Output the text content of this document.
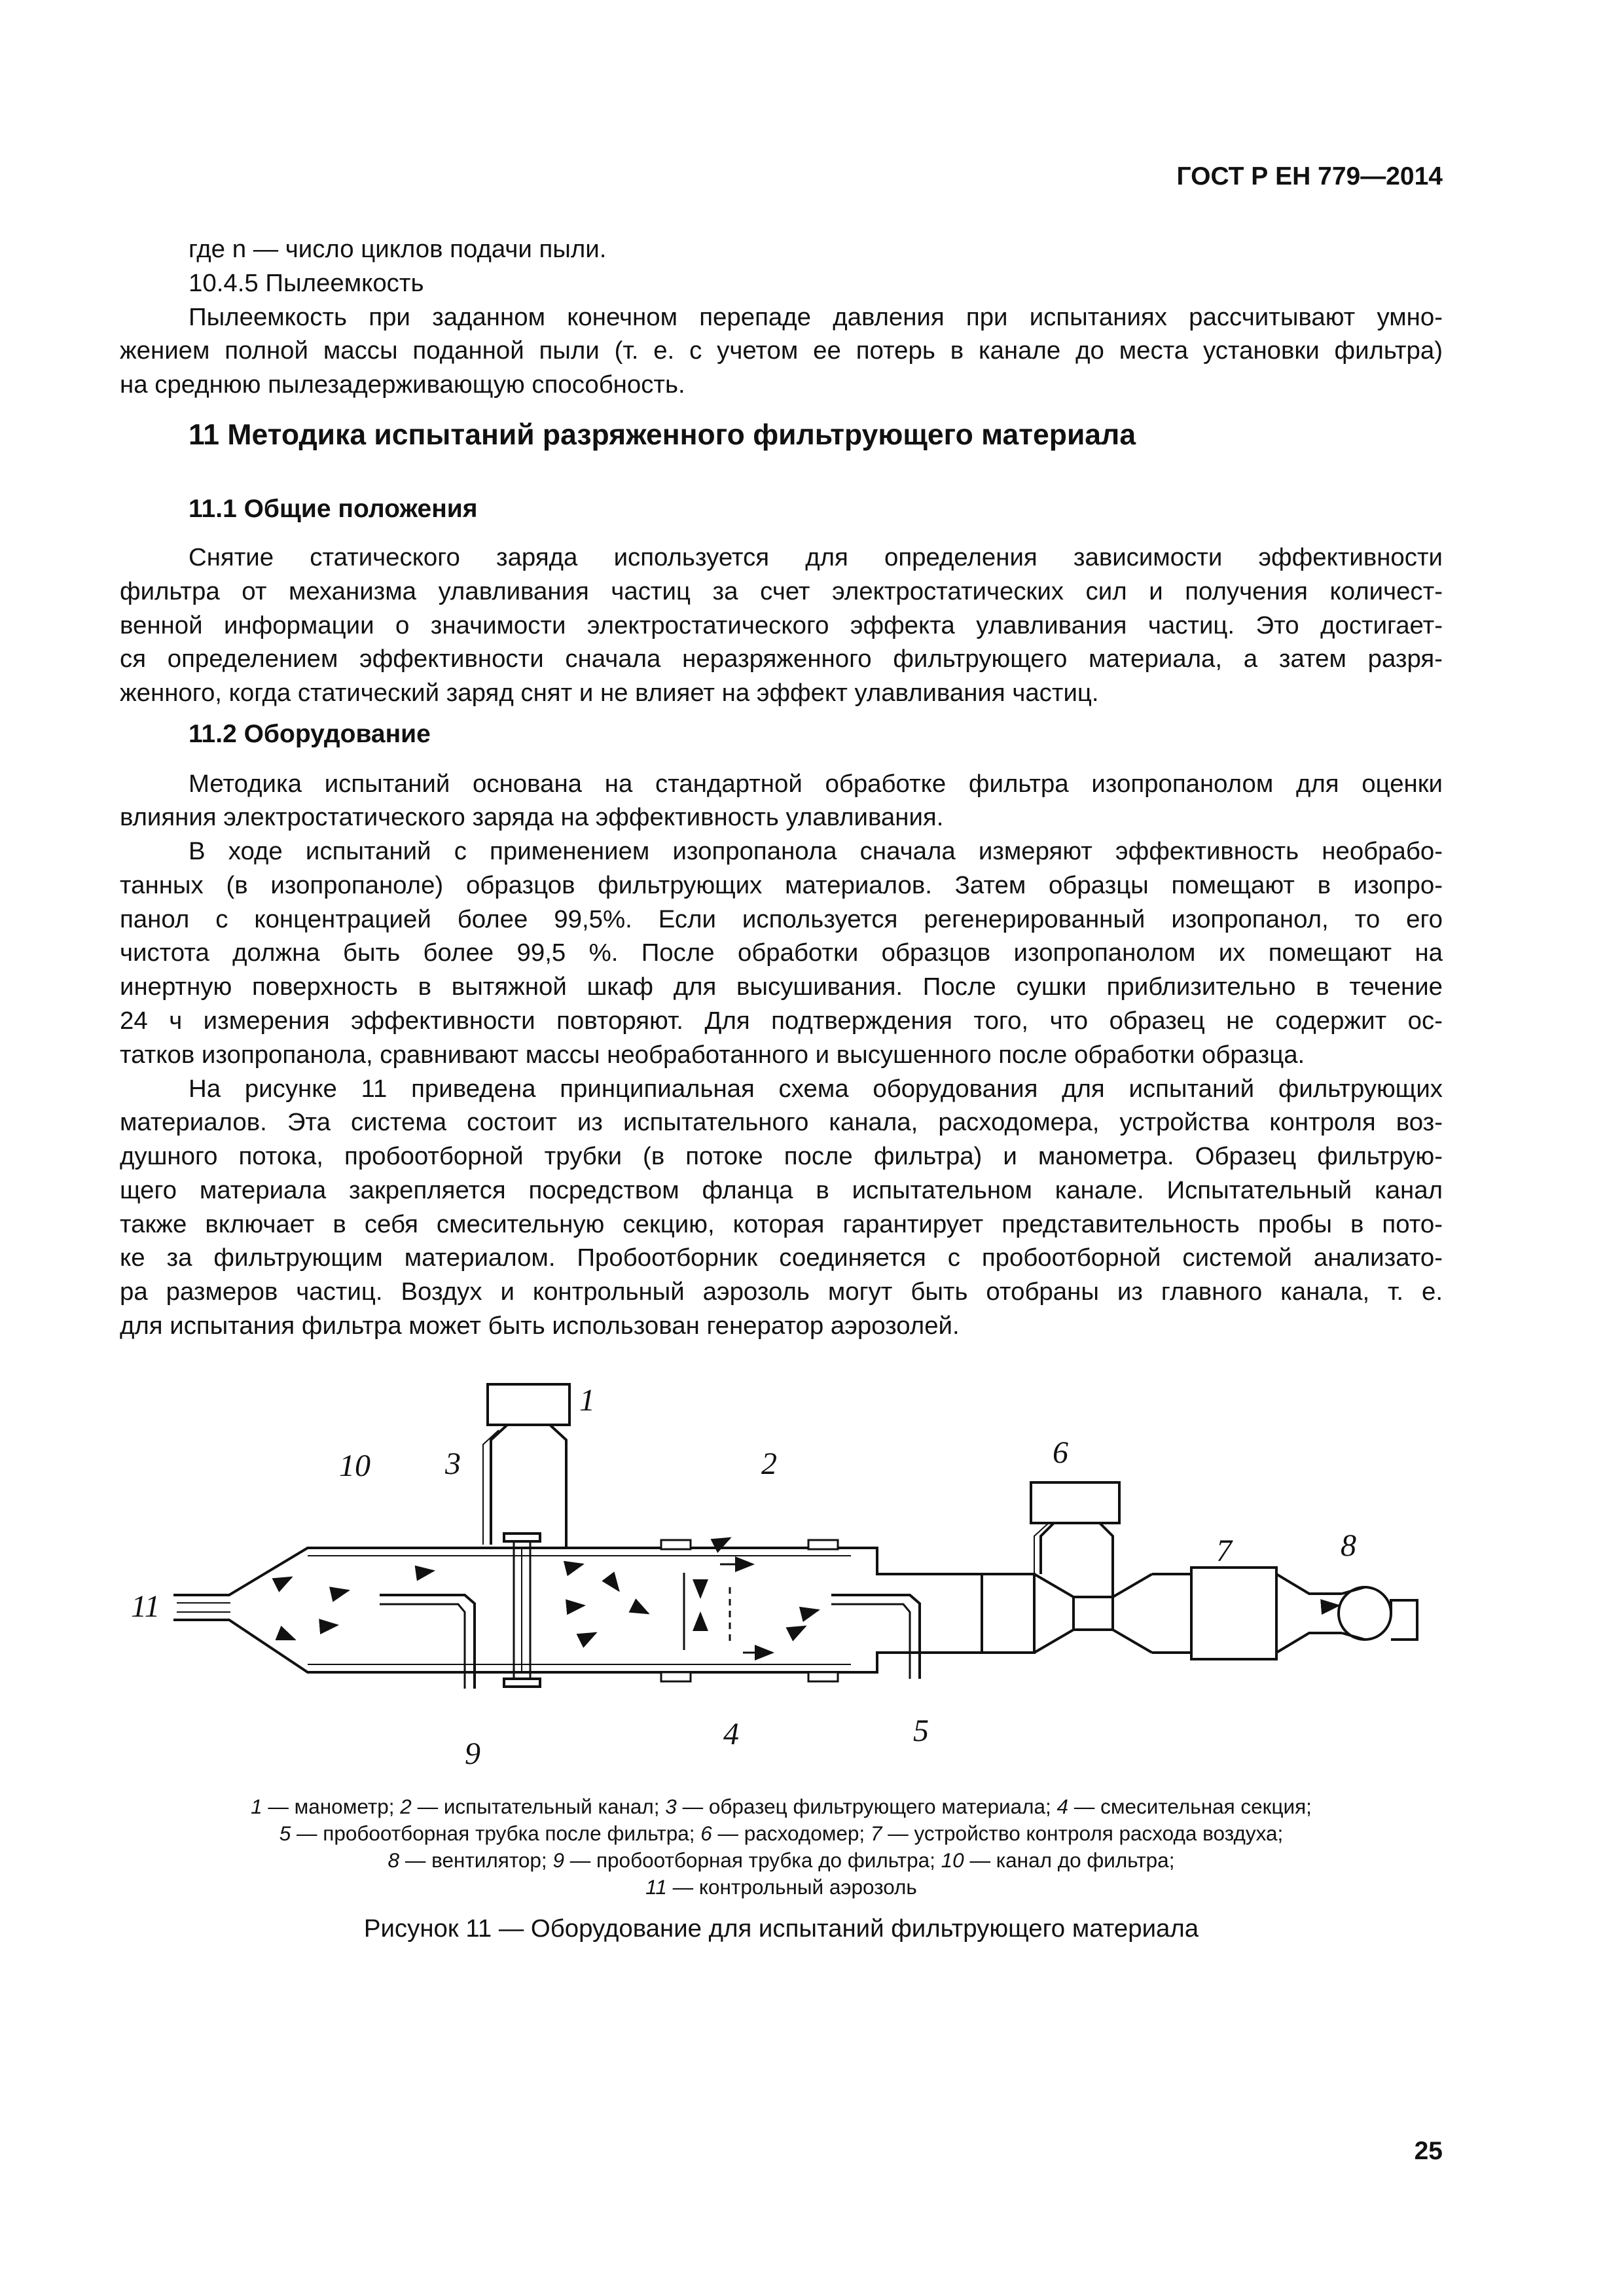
ГОСТ Р ЕН 779—2014
где n — число циклов подачи пыли.
10.4.5 Пылеемкость
Пылеемкость при заданном конечном перепаде давления при испытаниях рассчитывают умно-
жением полной массы поданной пыли (т. е. с учетом ее потерь в канале до места установки фильтра)
на среднюю пылезадерживающую способность.
11 Методика испытаний разряженного фильтрующего материала
11.1 Общие положения
Снятие статического заряда используется для определения зависимости эффективности
фильтра от механизма улавливания частиц за счет электростатических сил и получения количест-
венной информации о значимости электростатического эффекта улавливания частиц. Это достигает-
ся определением эффективности сначала неразряженного фильтрующего материала, а затем разря-
женного, когда статический заряд снят и не влияет на эффект улавливания частиц.
11.2 Оборудование
Методика испытаний основана на стандартной обработке фильтра изопропанолом для оценки
влияния электростатического заряда на эффективность улавливания.
В ходе испытаний с применением изопропанола сначала измеряют эффективность необрабо-
танных (в изопропаноле) образцов фильтрующих материалов. Затем образцы помещают в изопро-
панол с концентрацией более 99,5%. Если используется регенерированный изопропанол, то его
чистота должна быть более 99,5 %. После обработки образцов изопропанолом их помещают на
инертную поверхность в вытяжной шкаф для высушивания. После сушки приблизительно в течение
24 ч измерения эффективности повторяют. Для подтверждения того, что образец не содержит ос-
татков изопропанола, сравнивают массы необработанного и высушенного после обработки образца.
На рисунке 11 приведена принципиальная схема оборудования для испытаний фильтрующих
материалов. Эта система состоит из испытательного канала, расходомера, устройства контроля воз-
душного потока, пробоотборной трубки (в потоке после фильтра) и манометра. Образец фильтрую-
щего материала закрепляется посредством фланца в испытательном канале. Испытательный канал
также включает в себя смесительную секцию, которая гарантирует представительность пробы в пото-
ке за фильтрующим материалом. Пробоотборник соединяется с пробоотборной системой анализато-
ра размеров частиц. Воздух и контрольный аэрозоль могут быть отобраны из главного канала, т. е.
для испытания фильтра может быть использован генератор аэрозолей.
1
2
3
4	5
6
7	8
9
10
11
1 — манометр; 2 — испытательный канал; 3 — образец фильтрующего материала; 4 — смесительная секция;
5 — пробоотборная трубка после фильтра; 6 — расходомер; 7 — устройство контроля расхода воздуха;
8 — вентилятор; 9 — пробоотборная трубка до фильтра; 10 — канал до фильтра;
11 — контрольный аэрозоль
Рисунок 11 — Оборудование для испытаний фильтрующего материала
25
